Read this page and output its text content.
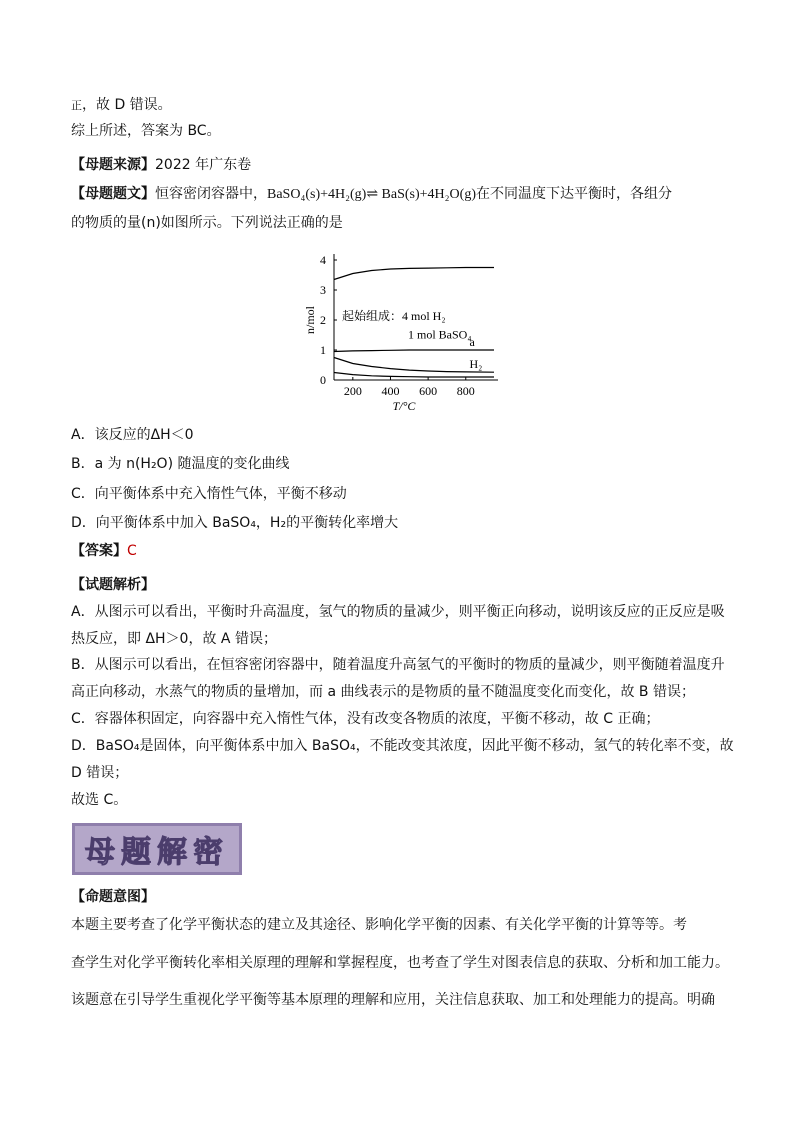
正，故 D 错误。
综上所述，答案为 BC。
【母题来源】2022 年广东卷
【母题题文】恒容密闭容器中，BaSO₄(s)+4H₂(g)⇌ BaS(s)+4H₂O(g)在不同温度下达平衡时，各组分
的物质的量(n)如图所示。下列说法正确的是
0
1
2
3
4
200 400 600 800
T/°C
n/mol
a
H₂
起始组成：4 mol H₂
1 mol BaSO₄
A．该反应的ΔH＜0
B．a 为 n(H₂O) 随温度的变化曲线
C．向平衡体系中充入惰性气体，平衡不移动
D．向平衡体系中加入 BaSO₄，H₂的平衡转化率增大
【答案】C
【试题解析】
A．从图示可以看出，平衡时升高温度，氢气的物质的量减少，则平衡正向移动，说明该反应的正反应是吸
热反应，即 ΔH＞0，故 A 错误；
B．从图示可以看出，在恒容密闭容器中，随着温度升高氢气的平衡时的物质的量减少，则平衡随着温度升
高正向移动，水蒸气的物质的量增加，而 a 曲线表示的是物质的量不随温度变化而变化，故 B 错误；
C．容器体积固定，向容器中充入惰性气体，没有改变各物质的浓度，平衡不移动，故 C 正确；
D．BaSO₄是固体，向平衡体系中加入 BaSO₄，不能改变其浓度，因此平衡不移动，氢气的转化率不变，故
D 错误；
故选 C。
母题解密
【命题意图】
本题主要考查了化学平衡状态的建立及其途径、影响化学平衡的因素、有关化学平衡的计算等等。考
查学生对化学平衡转化率相关原理的理解和掌握程度，也考查了学生对图表信息的获取、分析和加工能力。
该题意在引导学生重视化学平衡等基本原理的理解和应用，关注信息获取、加工和处理能力的提高。明确
